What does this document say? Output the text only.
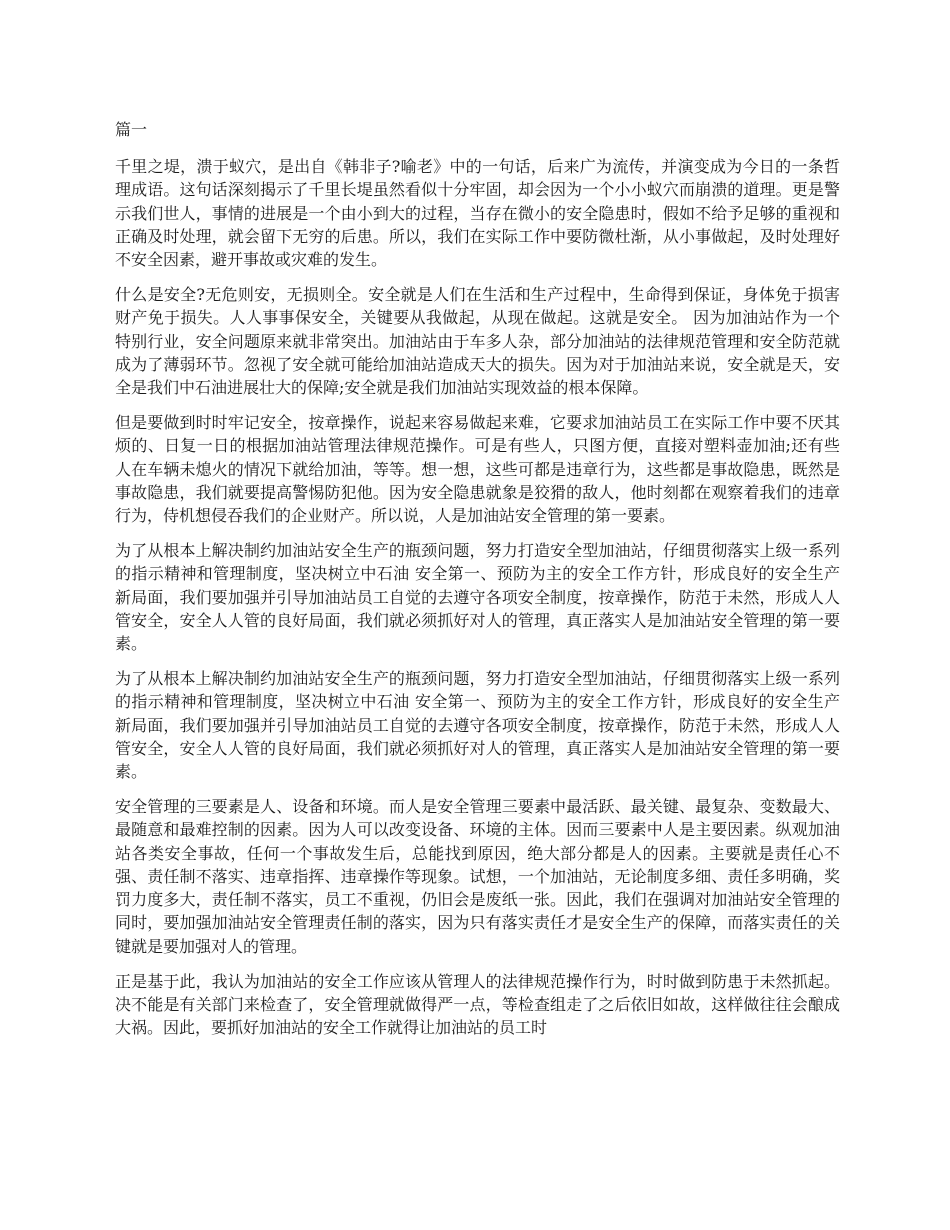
篇一

千里之堤，溃于蚁穴，是出自《韩非子?喻老》中的一句话，后来广为流传，并演变成为今日的一条哲理成语。这句话深刻揭示了千里长堤虽然看似十分牢固，却会因为一个小小蚁穴而崩溃的道理。更是警示我们世人，事情的进展是一个由小到大的过程，当存在微小的安全隐患时，假如不给予足够的重视和正确及时处理，就会留下无穷的后患。所以，我们在实际工作中要防微杜渐，从小事做起，及时处理好不安全因素，避开事故或灾难的发生。

什么是安全?无危则安，无损则全。安全就是人们在生活和生产过程中，生命得到保证，身体免于损害财产免于损失。人人事事保安全，关键要从我做起，从现在做起。这就是安全。 因为加油站作为一个特别行业，安全问题原来就非常突出。加油站由于车多人杂，部分加油站的法律规范管理和安全防范就成为了薄弱环节。忽视了安全就可能给加油站造成天大的损失。因为对于加油站来说，安全就是天，安全是我们中石油进展壮大的保障;安全就是我们加油站实现效益的根本保障。

但是要做到时时牢记安全，按章操作，说起来容易做起来难，它要求加油站员工在实际工作中要不厌其烦的、日复一日的根据加油站管理法律规范操作。可是有些人，只图方便，直接对塑料壶加油;还有些人在车辆未熄火的情况下就给加油，等等。想一想，这些可都是违章行为，这些都是事故隐患，既然是事故隐患，我们就要提高警惕防犯他。因为安全隐患就象是狡猾的敌人，他时刻都在观察着我们的违章行为，侍机想侵吞我们的企业财产。所以说，人是加油站安全管理的第一要素。

为了从根本上解决制约加油站安全生产的瓶颈问题，努力打造安全型加油站，仔细贯彻落实上级一系列的指示精神和管理制度，坚决树立中石油 安全第一、预防为主的安全工作方针，形成良好的安全生产新局面，我们要加强并引导加油站员工自觉的去遵守各项安全制度，按章操作，防范于未然，形成人人管安全，安全人人管的良好局面，我们就必须抓好对人的管理，真正落实人是加油站安全管理的第一要素。

为了从根本上解决制约加油站安全生产的瓶颈问题，努力打造安全型加油站，仔细贯彻落实上级一系列的指示精神和管理制度，坚决树立中石油 安全第一、预防为主的安全工作方针，形成良好的安全生产新局面，我们要加强并引导加油站员工自觉的去遵守各项安全制度，按章操作，防范于未然，形成人人管安全，安全人人管的良好局面，我们就必须抓好对人的管理，真正落实人是加油站安全管理的第一要素。

安全管理的三要素是人、设备和环境。而人是安全管理三要素中最活跃、最关键、最复杂、变数最大、最随意和最难控制的因素。因为人可以改变设备、环境的主体。因而三要素中人是主要因素。纵观加油站各类安全事故，任何一个事故发生后，总能找到原因，绝大部分都是人的因素。主要就是责任心不强、责任制不落实、违章指挥、违章操作等现象。试想，一个加油站，无论制度多细、责任多明确，奖罚力度多大，责任制不落实，员工不重视，仍旧会是废纸一张。因此，我们在强调对加油站安全管理的同时，要加强加油站安全管理责任制的落实，因为只有落实责任才是安全生产的保障，而落实责任的关键就是要加强对人的管理。

正是基于此，我认为加油站的安全工作应该从管理人的法律规范操作行为，时时做到防患于未然抓起。决不能是有关部门来检查了，安全管理就做得严一点，等检查组走了之后依旧如故，这样做往往会酿成大祸。因此，要抓好加油站的安全工作就得让加油站的员工时
